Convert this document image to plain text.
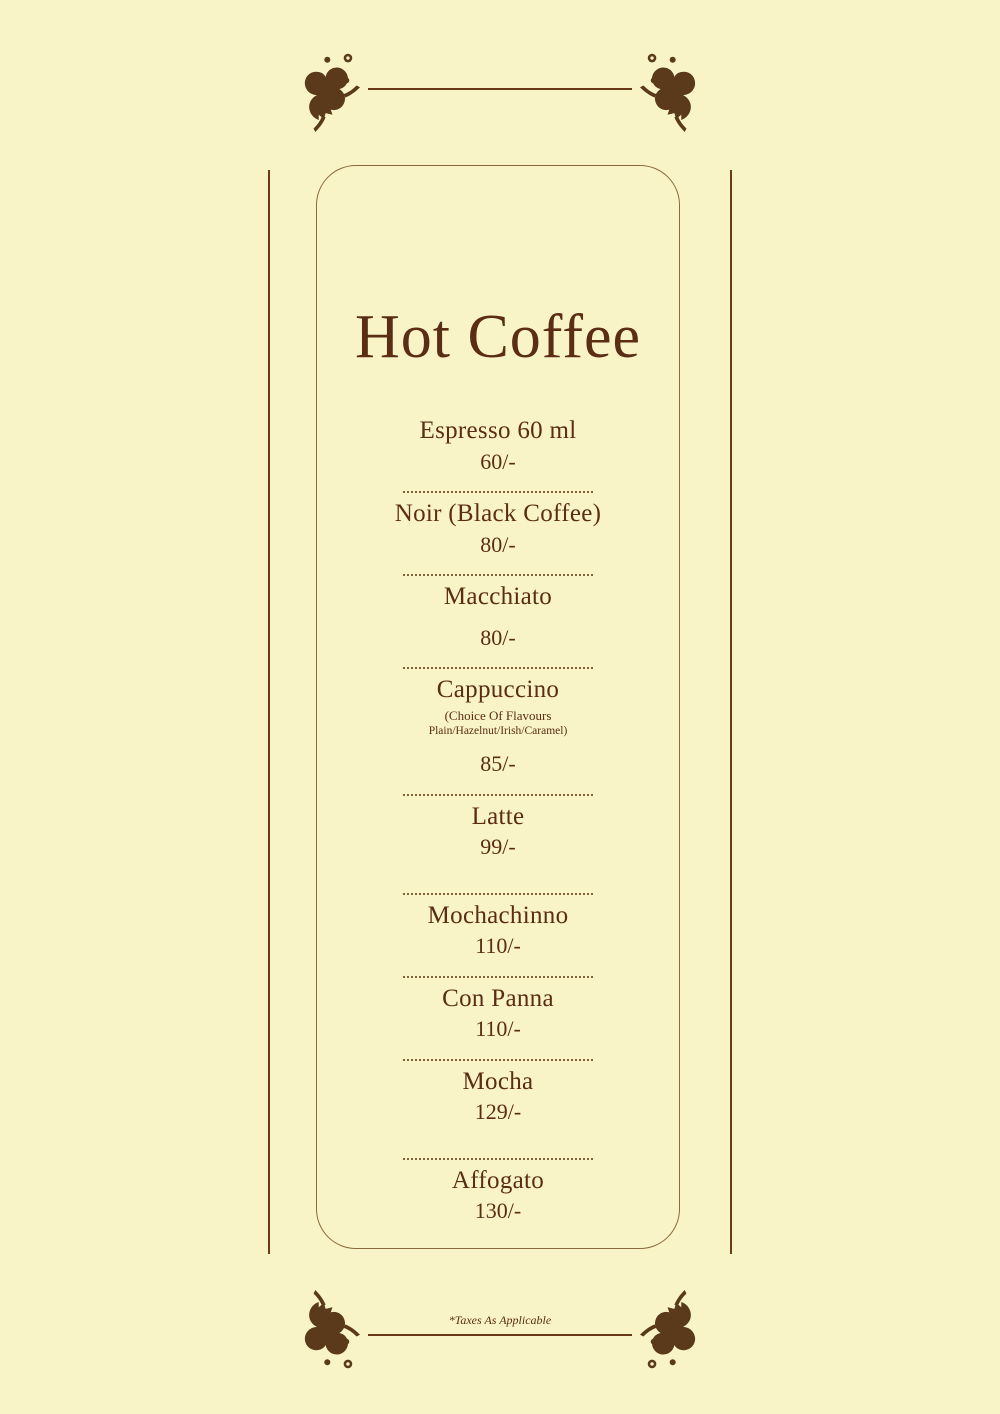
Hot Coffee
Espresso 60 ml
60/-
Noir (Black Coffee)
80/-
Macchiato
80/-
Cappuccino
(Choice Of Flavours
Plain/Hazelnut/Irish/Caramel)
85/-
Latte
99/-
Mochachinno
110/-
Con Panna
110/-
Mocha
129/-
Affogato
130/-
*Taxes As Applicable
